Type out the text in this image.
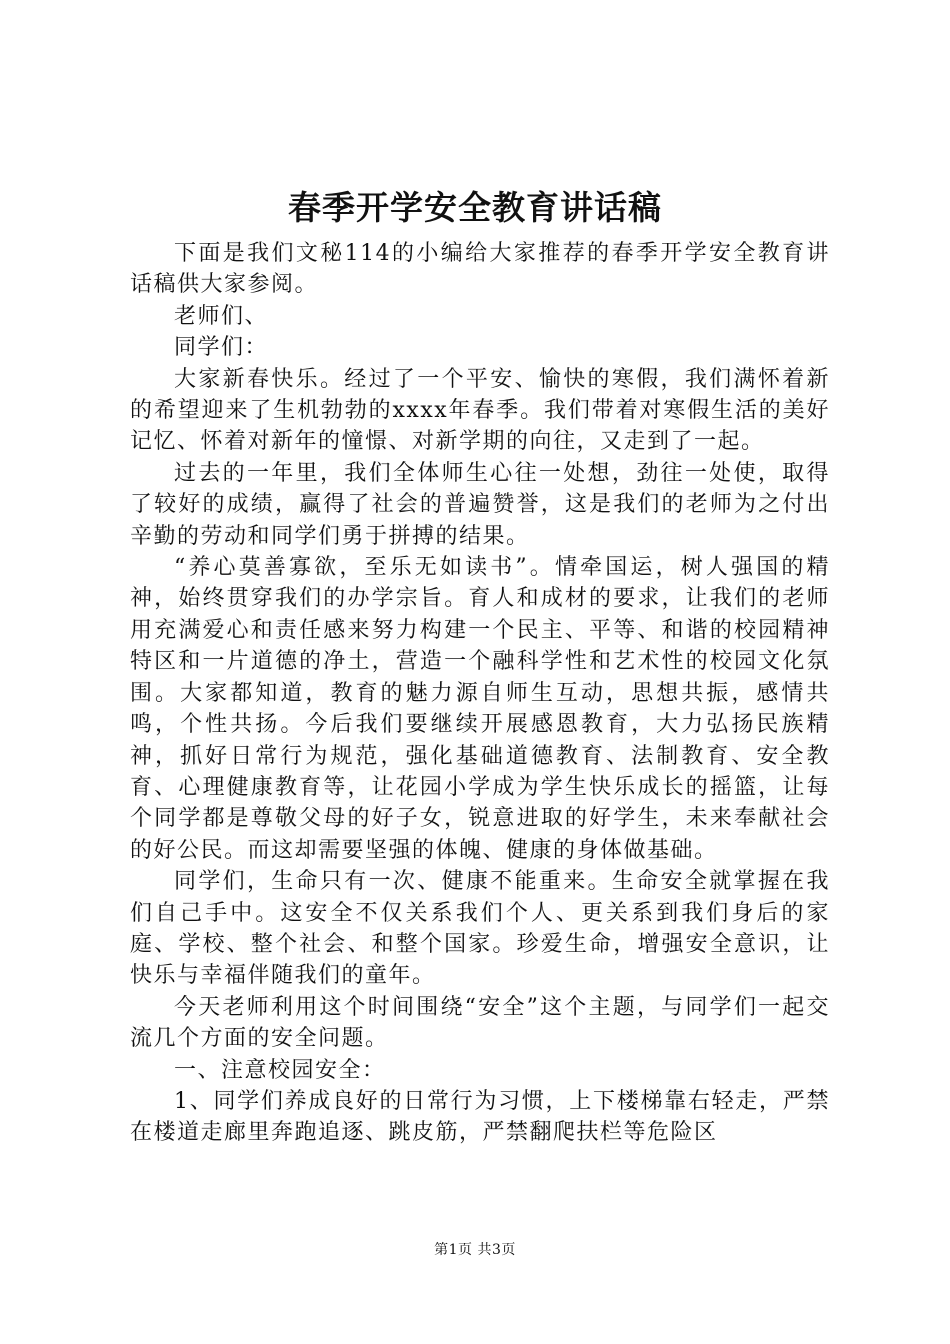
春季开学安全教育讲话稿

下面是我们文秘114的小编给大家推荐的春季开学安全教育讲话稿供大家参阅。

老师们、

同学们：

大家新春快乐。经过了一个平安、愉快的寒假，我们满怀着新的希望迎来了生机勃勃的xxxx年春季。我们带着对寒假生活的美好记忆、怀着对新年的憧憬、对新学期的向往，又走到了一起。

过去的一年里，我们全体师生心往一处想，劲往一处使，取得了较好的成绩，赢得了社会的普遍赞誉，这是我们的老师为之付出辛勤的劳动和同学们勇于拼搏的结果。

“养心莫善寡欲，至乐无如读书”。情牵国运，树人强国的精神，始终贯穿我们的办学宗旨。育人和成材的要求，让我们的老师用充满爱心和责任感来努力构建一个民主、平等、和谐的校园精神特区和一片道德的净土，营造一个融科学性和艺术性的校园文化氛围。大家都知道，教育的魅力源自师生互动，思想共振，感情共鸣，个性共扬。今后我们要继续开展感恩教育，大力弘扬民族精神，抓好日常行为规范，强化基础道德教育、法制教育、安全教育、心理健康教育等，让花园小学成为学生快乐成长的摇篮，让每个同学都是尊敬父母的好子女，锐意进取的好学生，未来奉献社会的好公民。而这却需要坚强的体魄、健康的身体做基础。

同学们，生命只有一次、健康不能重来。生命安全就掌握在我们自己手中。这安全不仅关系我们个人、更关系到我们身后的家庭、学校、整个社会、和整个国家。珍爱生命，增强安全意识，让快乐与幸福伴随我们的童年。

今天老师利用这个时间围绕“安全”这个主题，与同学们一起交流几个方面的安全问题。

一、注意校园安全：

1、同学们养成良好的日常行为习惯，上下楼梯靠右轻走，严禁在楼道走廊里奔跑追逐、跳皮筋，严禁翻爬扶栏等危险区

第1页 共3页
